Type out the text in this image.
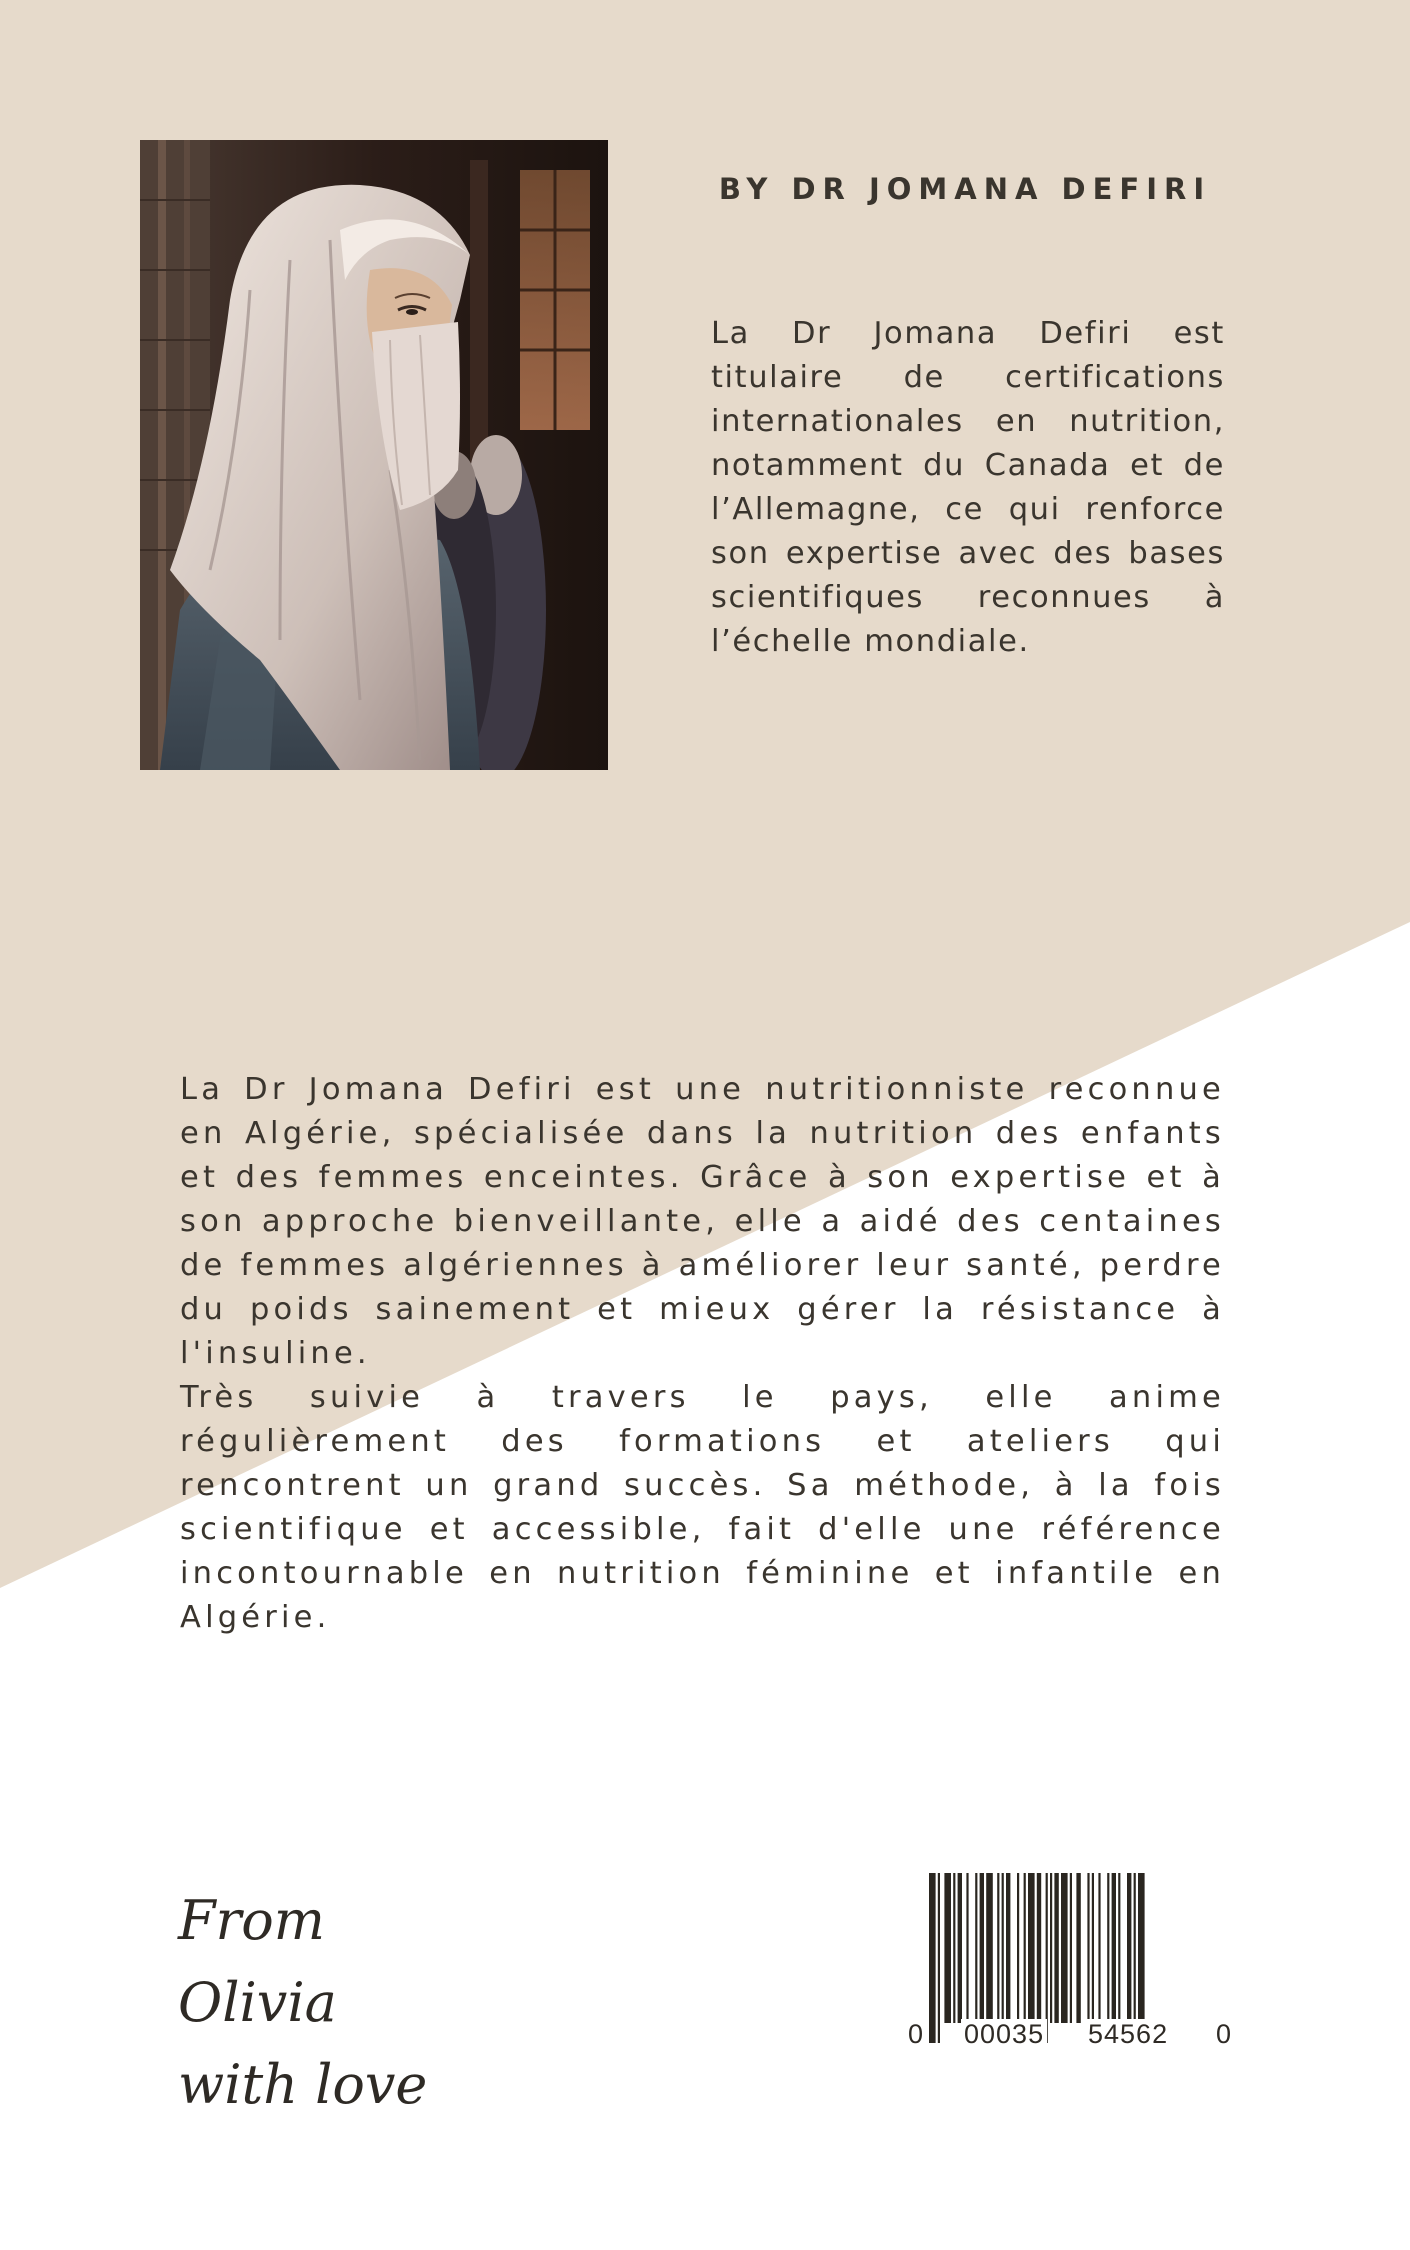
BY DR JOMANA DEFIRI
La Dr Jomana Defiri est titulaire de certifications internationales en nutrition, notamment du Canada et de l’Allemagne, ce qui renforce son expertise avec des bases scientifiques reconnues à l’échelle mondiale.

La Dr Jomana Defiri est une nutritionniste reconnue en Algérie, spécialisée dans la nutrition des enfants et des femmes enceintes. Grâce à son expertise et à son approche bienveillante, elle a aidé des centaines de femmes algériennes à améliorer leur santé, perdre du poids sainement et mieux gérer la résistance à l'insuline.

Très suivie à travers le pays, elle anime régulièrement des formations et ateliers qui rencontrent un grand succès. Sa méthode, à la fois scientifique et accessible, fait d'elle une référence incontournable en nutrition féminine et infantile en Algérie.

From Olivia
with love
0 00035 54562 0
